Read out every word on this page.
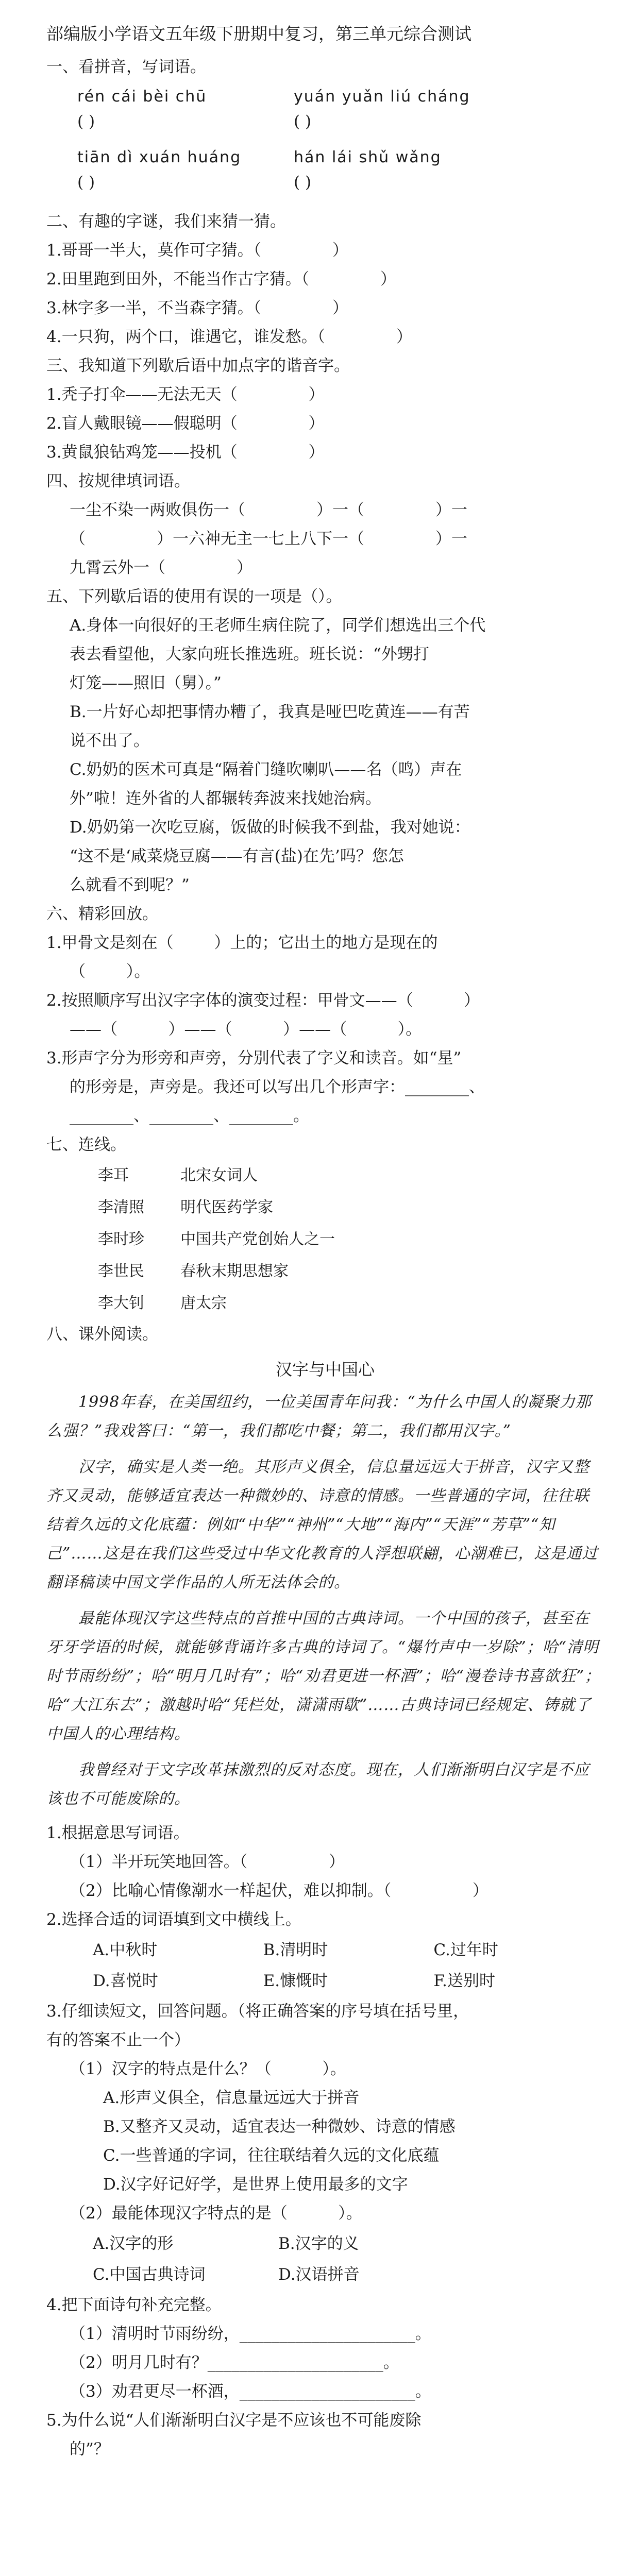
部编版小学语文五年级下册期中复习，第三单元综合测试
一、看拼音，写词语。
rén cái bèi chū
( )
yuán yuǎn liú cháng
( )
tiān dì xuán huáng
( )
hán lái shǔ wǎng
( )
二、有趣的字谜，我们来猜一猜。
1.哥哥一半大，莫作可字猜。（              ）
2.田里跑到田外，不能当作古字猜。（              ）
3.林字多一半，不当森字猜。（              ）
4.一只狗，两个口，谁遇它，谁发愁。（              ）
三、我知道下列歇后语中加点字的谐音字。
1.秃子打伞——无法无天（              ）
2.盲人戴眼镜——假聪明（              ）
3.黄鼠狼钻鸡笼——投机（              ）
四、按规律填词语。
一尘不染一两败俱伤一（              ）一（              ）一
（              ）一六神无主一七上八下一（              ）一
九霄云外一（              ）
五、下列歇后语的使用有误的一项是（）。
A.身体一向很好的王老师生病住院了，同学们想选出三个代
表去看望他，大家向班长推选班。班长说：“外甥打
灯笼——照旧（舅）。”
B.一片好心却把事情办糟了，我真是哑巴吃黄连——有苦
说不出了。
C.奶奶的医术可真是“隔着门缝吹喇叭——名（鸣）声在
外”啦！连外省的人都辗转奔波来找她治病。
D.奶奶第一次吃豆腐，饭做的时候我不到盐，我对她说：
“这不是‘咸菜烧豆腐——有言(盐)在先’吗？您怎
么就看不到呢？”
六、精彩回放。
1.甲骨文是刻在（        ）上的；它出土的地方是现在的
（        ）。
2.按照顺序写出汉字字体的演变过程：甲骨文——（          ）
——（          ）——（          ）——（          ）。
3.形声字分为形旁和声旁，分别代表了字义和读音。如“星”
的形旁是，声旁是。我还可以写出几个形声字：________、
________、________、________。
七、连线。
李耳	北宋女词人
李清照	明代医药学家
李时珍	中国共产党创始人之一
李世民	春秋末期思想家
李大钊	唐太宗
八、课外阅读。
汉字与中国心

1998年春，在美国纽约，一位美国青年问我：“为什么中国人的凝聚力那么强？”我戏答曰：“第一，我们都吃中餐；第二，我们都用汉字。”

汉字，确实是人类一绝。其形声义俱全，信息量远远大于拼音，汉字又整齐又灵动，能够适宜表达一种微妙的、诗意的情感。一些普通的字词，往往联结着久远的文化底蕴：例如“中华”“神州”“大地”“海内”“天涯”“芳草”“知己”……这是在我们这些受过中华文化教育的人浮想联翩，心潮难已，这是通过翻译稿读中国文学作品的人所无法体会的。

最能体现汉字这些特点的首推中国的古典诗词。一个中国的孩子，甚至在牙牙学语的时候，就能够背诵许多古典的诗词了。“爆竹声中一岁除”；哈“清明时节雨纷纷”；哈“明月几时有”；哈“劝君更进一杯酒”；哈“漫卷诗书喜欲狂”；哈“大江东去”；激越时哈“凭栏处，潇潇雨歇”……古典诗词已经规定、铸就了中国人的心理结构。

我曾经对于文字改革抹激烈的反对态度。现在，人们渐渐明白汉字是不应该也不可能废除的。

1.根据意思写词语。
（1）半开玩笑地回答。（                ）
（2）比喻心情像潮水一样起伏，难以抑制。（                ）
2.选择合适的词语填到文中横线上。
A.中秋时	B.清明时	C.过年时
D.喜悦时	E.慷慨时	F.送别时
3.仔细读短文，回答问题。（将正确答案的序号填在括号里，
有的答案不止一个）
（1）汉字的特点是什么？（          ）。
A.形声义俱全，信息量远远大于拼音
B.又整齐又灵动，适宜表达一种微妙、诗意的情感
C.一些普通的字词，往往联结着久远的文化底蕴
D.汉字好记好学，是世界上使用最多的文字
（2）最能体现汉字特点的是（          ）。
A.汉字的形	B.汉字的义
C.中国古典诗词	D.汉语拼音
4.把下面诗句补充完整。
（1）清明时节雨纷纷，______________________。
（2）明月几时有？______________________。
（3）劝君更尽一杯酒，______________________。
5.为什么说“人们渐渐明白汉字是不应该也不可能废除
的”？
